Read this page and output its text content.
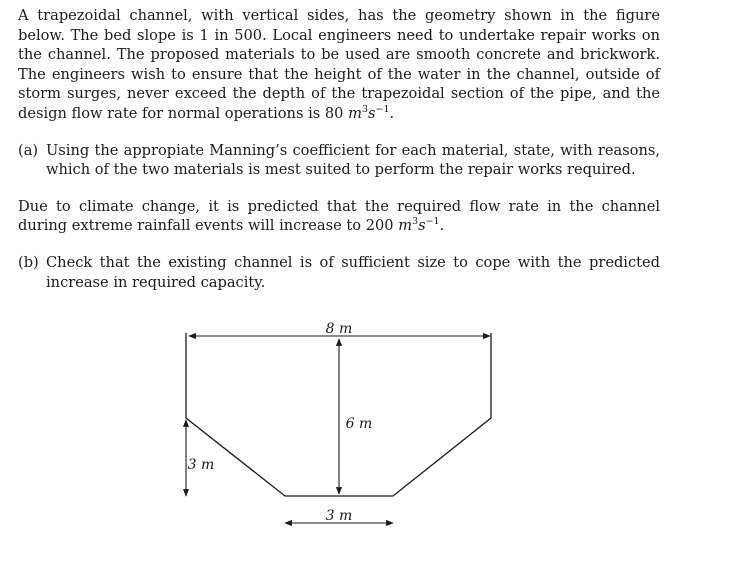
A trapezoidal channel, with vertical sides, has the geometry shown in the figure below. The bed slope is 1 in 500. Local engineers need to undertake repair works on the channel. The proposed materials to be used are smooth concrete and brickwork. The engineers wish to ensure that the height of the water in the channel, outside of storm surges, never exceed the depth of the trapezoidal section of the pipe, and the design flow rate for normal operations is 80 $m^3s^{-1}$.

(a) Using the appropiate Manning’s coefficient for each material, state, with reasons, which of the two materials is mest suited to perform the repair works required.

Due to climate change, it is predicted that the required flow rate in the channel during extreme rainfall events will increase to 200 $m^3s^{-1}$.

(b) Check that the existing channel is of sufficient size to cope with the predicted increase in required capacity.
8 m
6 m
3 m
3 m
